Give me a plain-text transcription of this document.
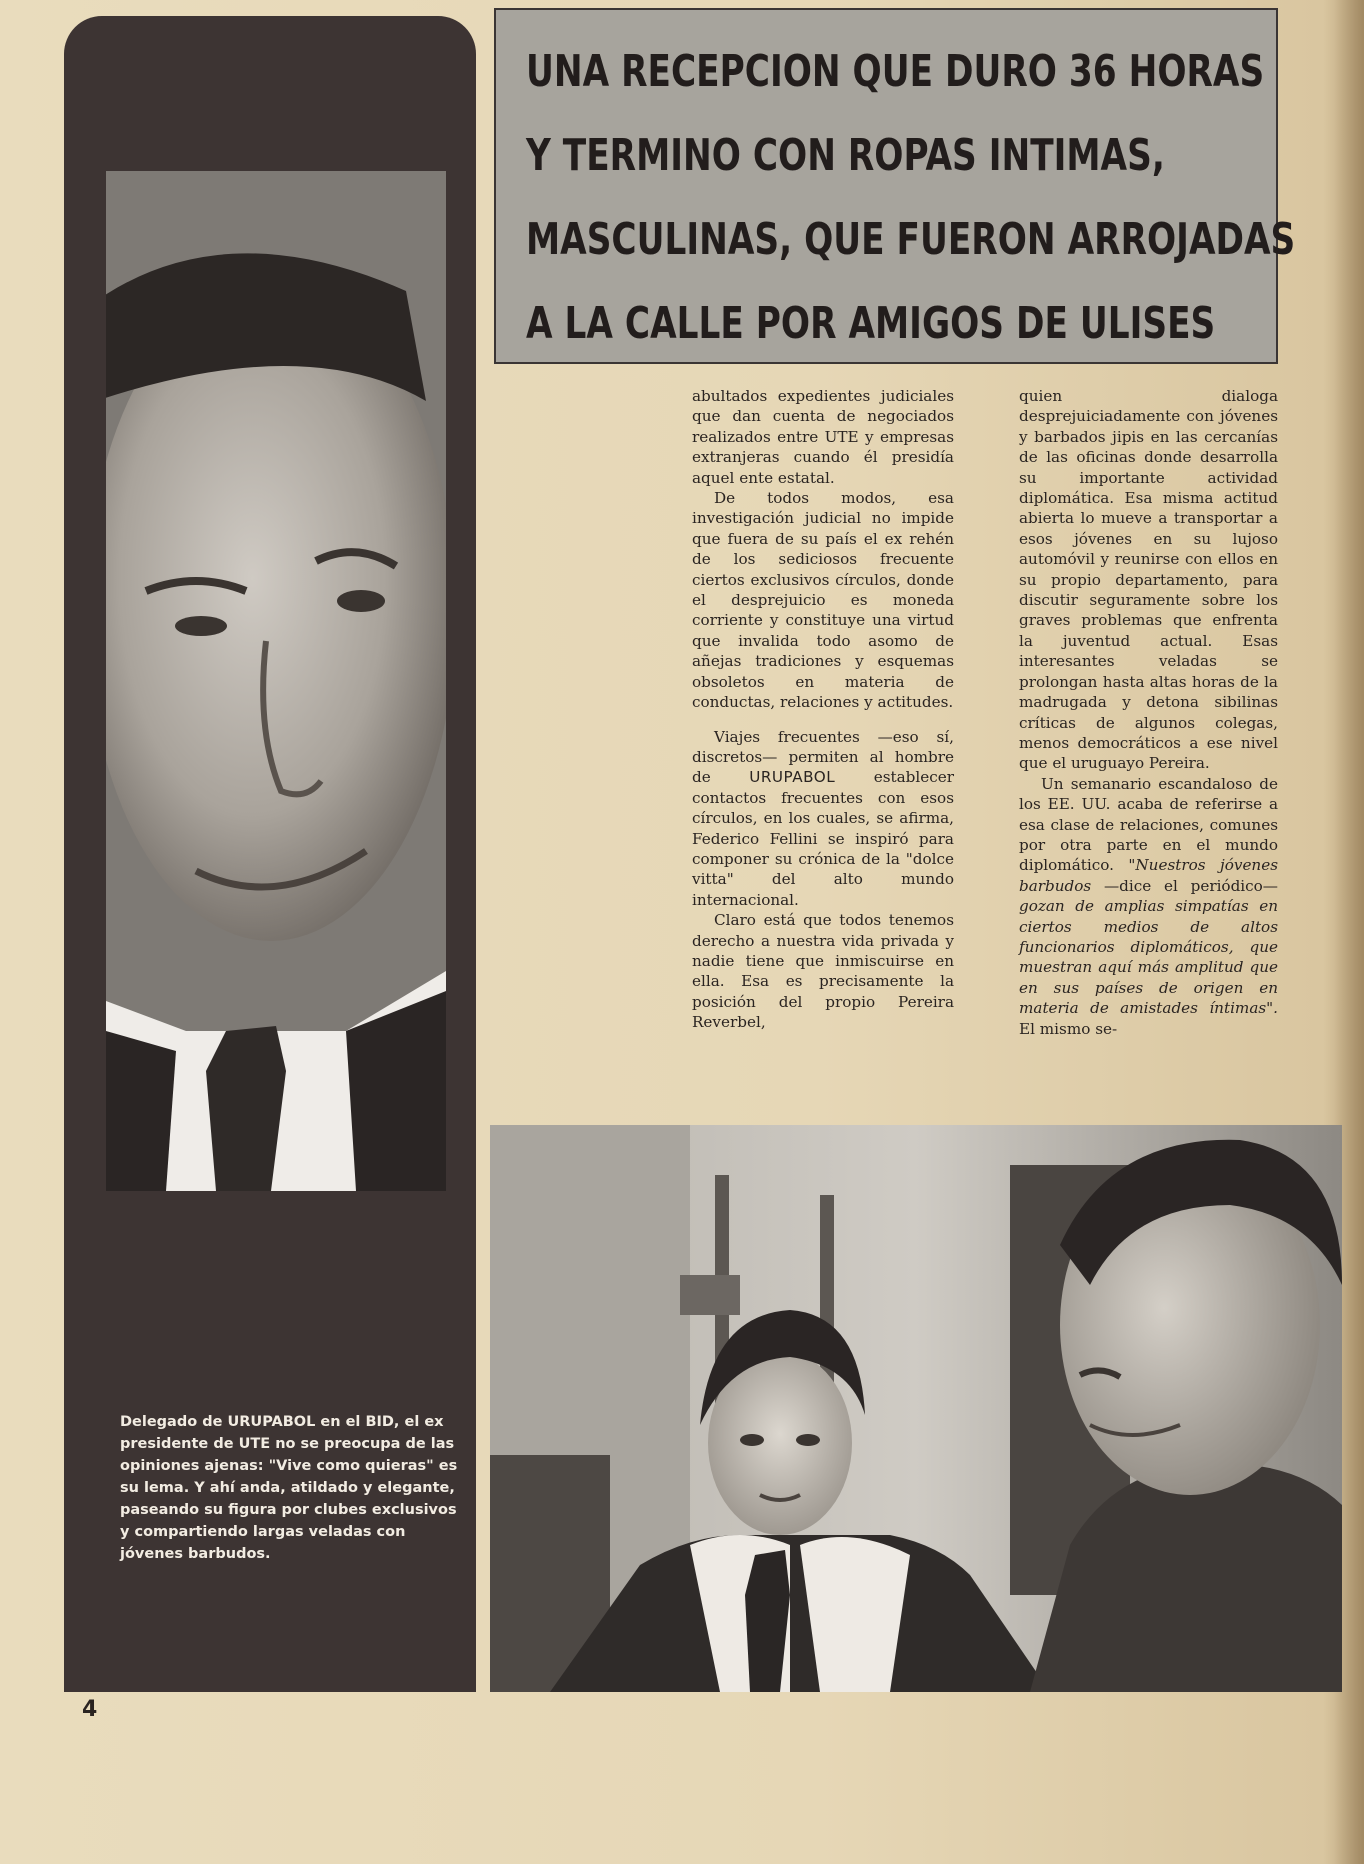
Delegado de URUPABOL en el BID, el ex presidente de UTE no se preocupa de las opiniones ajenas: "Vive como quieras" es su lema. Y ahí anda, atildado y elegante, paseando su figura por clubes exclusivos y compartiendo largas veladas con jóvenes barbudos.

UNA RECEPCION QUE DURO 36 HORAS
Y TERMINO CON ROPAS INTIMAS,
MASCULINAS, QUE FUERON ARROJADAS
A LA CALLE POR AMIGOS DE ULISES

abultados expedientes judiciales que dan cuenta de negociados realizados entre UTE y empresas extranjeras cuando él presidía aquel ente estatal.

De todos modos, esa investigación judicial no impide que fuera de su país el ex rehén de los sediciosos frecuente ciertos exclusivos círculos, donde el desprejuicio es moneda corriente y constituye una virtud que invalida todo asomo de añejas tradiciones y esquemas obsoletos en materia de conductas, relaciones y actitudes.

Viajes frecuentes —eso sí, discretos— permiten al hombre de URUPABOL establecer contactos frecuentes con esos círculos, en los cuales, se afirma, Federico Fellini se inspiró para componer su crónica de la "dolce vitta" del alto mundo internacional.

Claro está que todos tenemos derecho a nuestra vida privada y nadie tiene que inmiscuirse en ella. Esa es precisamente la posición del propio Pereira Reverbel,

quien dialoga desprejuiciadamente con jóvenes y barbados jipis en las cercanías de las oficinas donde desarrolla su importante actividad diplomática. Esa misma actitud abierta lo mueve a transportar a esos jóvenes en su lujoso automóvil y reunirse con ellos en su propio departamento, para discutir seguramente sobre los graves problemas que enfrenta la juventud actual. Esas interesantes veladas se prolongan hasta altas horas de la madrugada y detona sibilinas críticas de algunos colegas, menos democráticos a ese nivel que el uruguayo Pereira.

Un semanario escandaloso de los EE. UU. acaba de referirse a esa clase de relaciones, comunes por otra parte en el mundo diplomático. "Nuestros jóvenes barbudos —dice el periódico— gozan de amplias simpatías en ciertos medios de altos funcionarios diplomáticos, que muestran aquí más amplitud que en sus países de origen en materia de amistades íntimas". El mismo se-

4
